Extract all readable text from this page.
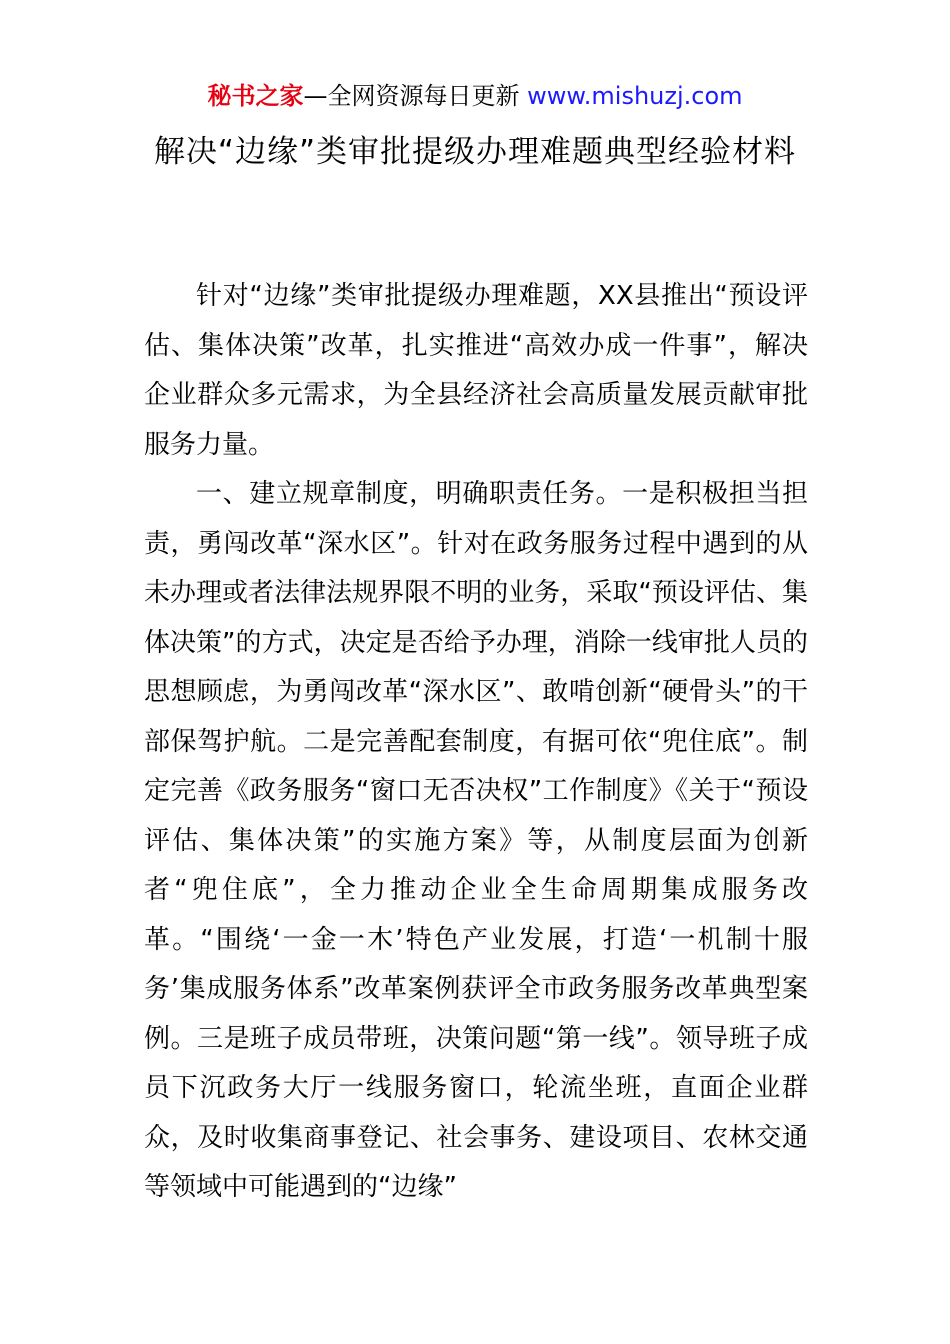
秘书之家—全网资源每日更新 www.mishuzj.com
解决“边缘”类审批提级办理难题典型经验材料

针对“边缘”类审批提级办理难题，XX县推出“预设评估、集体决策”改革，扎实推进“高效办成一件事”，解决企业群众多元需求，为全县经济社会高质量发展贡献审批服务力量。

一、建立规章制度，明确职责任务。一是积极担当担责，勇闯改革“深水区”。针对在政务服务过程中遇到的从未办理或者法律法规界限不明的业务，采取“预设评估、集体决策”的方式，决定是否给予办理，消除一线审批人员的思想顾虑，为勇闯改革“深水区”、敢啃创新“硬骨头”的干部保驾护航。二是完善配套制度，有据可依“兜住底”。制定完善《政务服务“窗口无否决权”工作制度》《关于“预设评估、集体决策”的实施方案》等，从制度层面为创新者“兜住底”，全力推动企业全生命周期集成服务改革。“围绕‘一金一木’特色产业发展，打造‘一机制十服务’集成服务体系”改革案例获评全市政务服务改革典型案例。三是班子成员带班，决策问题“第一线”。领导班子成员下沉政务大厅一线服务窗口，轮流坐班，直面企业群众，及时收集商事登记、社会事务、建设项目、农林交通等领域中可能遇到的“边缘”
